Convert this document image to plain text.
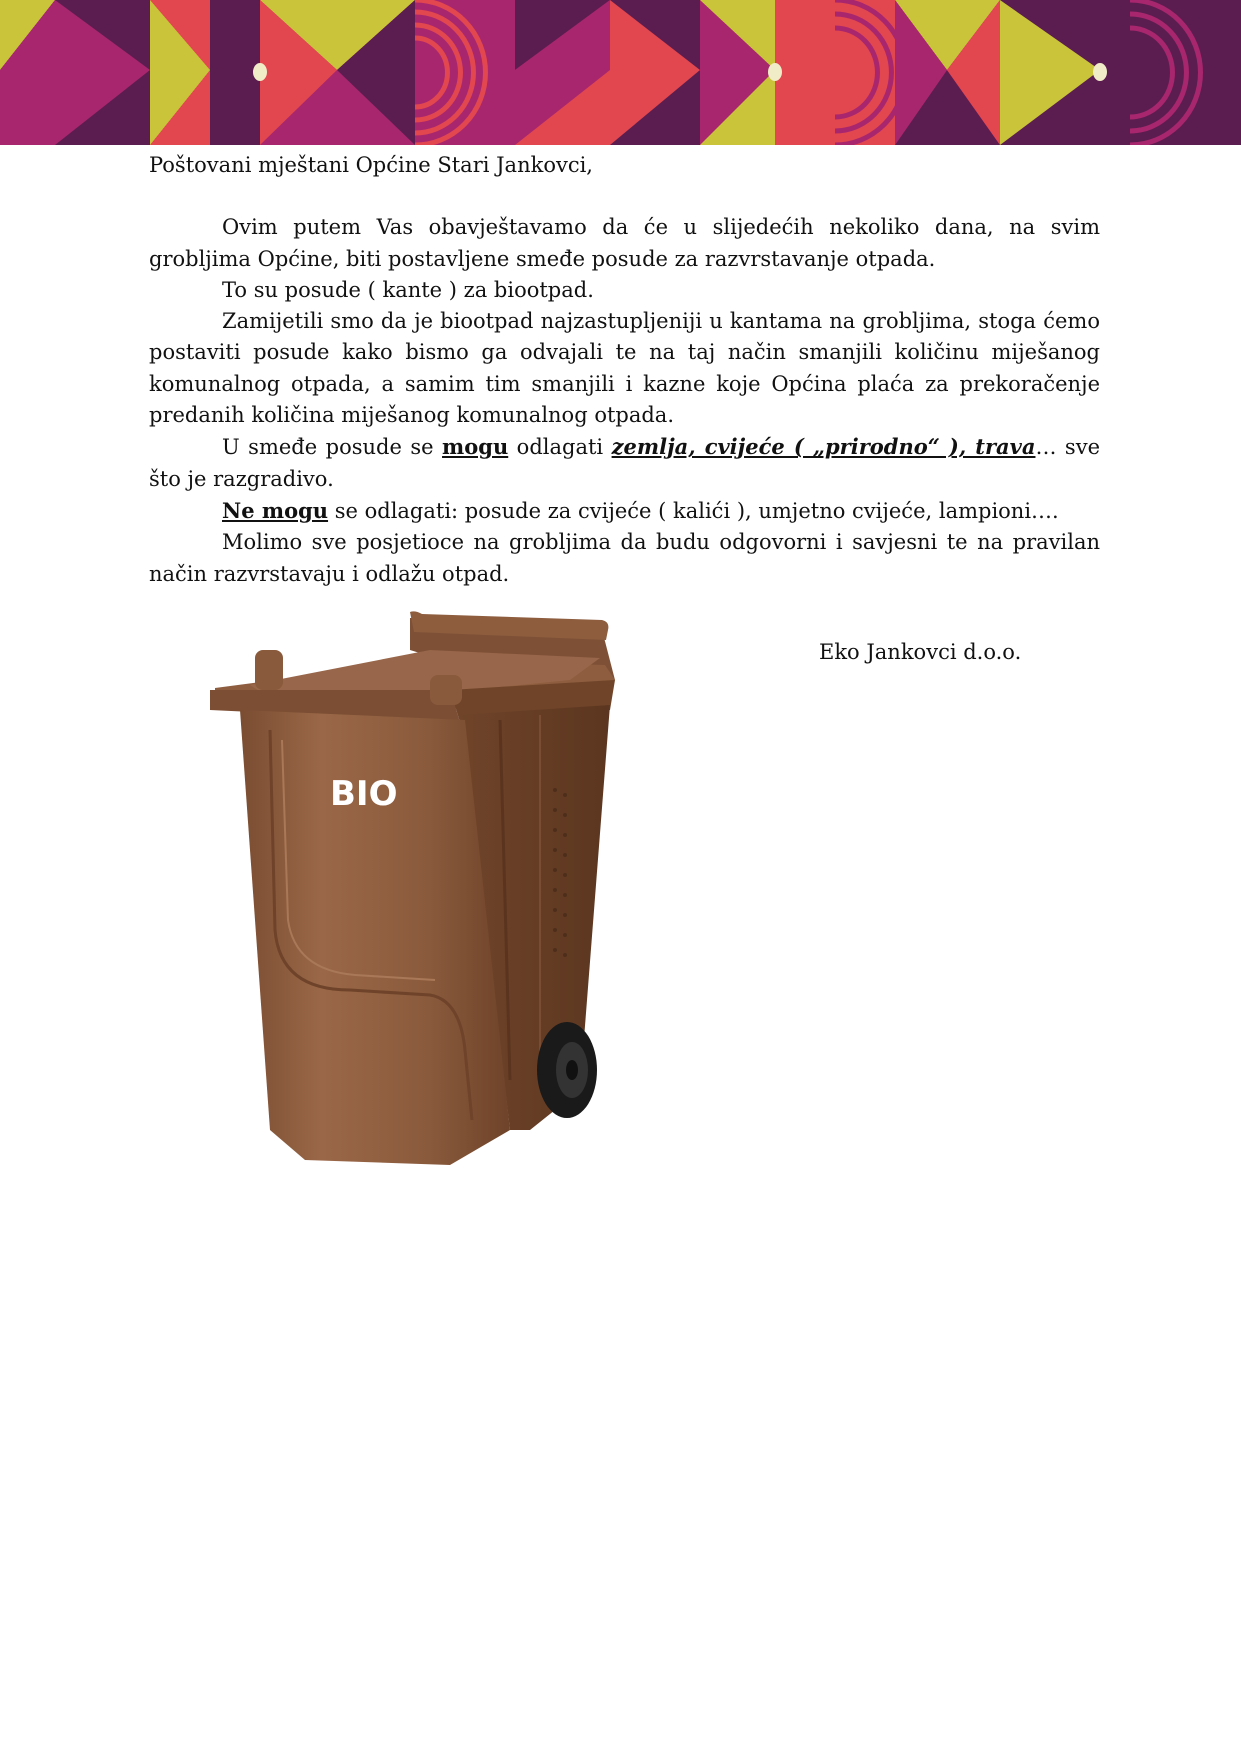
Poštovani mještani Općine Stari Jankovci,

Ovim putem Vas obavještavamo da će u slijedećih nekoliko dana, na svim grobljima Općine, biti postavljene smeđe posude za razvrstavanje otpada.

To su posude ( kante ) za biootpad.

Zamijetili smo da je biootpad najzastupljeniji u kantama na grobljima, stoga ćemo postaviti posude kako bismo ga odvajali te na taj način smanjili količinu miješanog komunalnog otpada, a samim tim smanjili i kazne koje Općina plaća za prekoračenje predanih količina miješanog komunalnog otpada.

U smeđe posude se mogu odlagati zemlja, cvijeće ( „prirodno“ ), trava… sve što je razgradivo.

Ne mogu se odlagati: posude za cvijeće ( kalići ), umjetno cvijeće, lampioni….

Molimo sve posjetioce na grobljima da budu odgovorni i savjesni te na pravilan način razvrstavaju i odlažu otpad.

Eko Jankovci d.o.o.
BIO
